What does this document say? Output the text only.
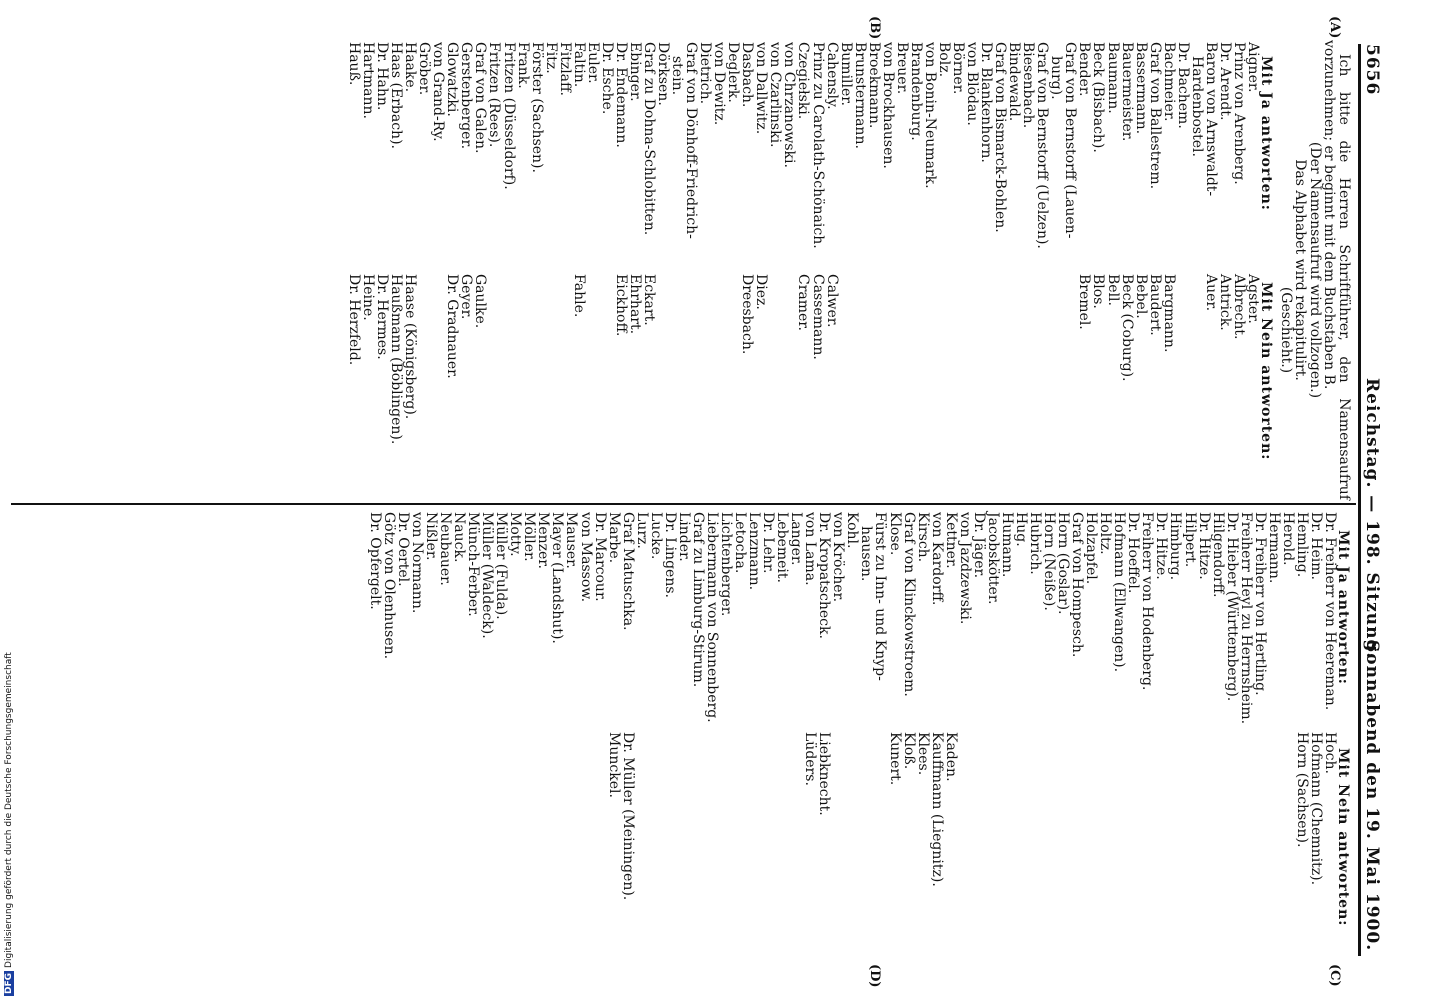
5656
Reichstag. — 198. Sitzung.
Sonnabend den 19. Mai 1900.
(A)
(B)
(C)
(D)

Ich bitte die Herren Schriftführer, den Namensaufruf vorzunehmen; er beginnt mit dem Buchstaben B.

(Der Namensaufruf wird vollzogen.)
Das Alphabet wird rekapitulirt.
(Geschieht.)
Mit Ja antworten:
Mit Nein antworten:
Mit Ja antworten:
Mit Nein antworten:
Aigner.
Prinz von Arenberg.
Dr. Arendt.
Baron von Arnswaldt-
Hardenbostel.
Dr. Bachem.
Bachmeier.
Graf von Ballestrem.
Bassermann.
Bauermeister.
Baumann.
Beck (Bisbach).
Bender.
Graf von Bernstorff (Lauen-
burg).
Graf von Bernstorff (Uelzen).
Biesenbach.
Bindewald.
Graf von Bismarck-Bohlen.
Dr. Blankenhorn.
von Blödau.
Börner.
Bolz.
von Bonin-Neumark.
Brandenburg.
Breuer.
von Brockhausen.
Broekmann.
Brunstermann.
Bumiller.
Cahensly.
Prinz zu Carolath-Schönaich.
Czegiełski.
von Chrzanowski.
von Czarlinski.
von Dallwitz.
Dasbach.
Deglerk.
von Dewitz.
Dietrich.
Graf von Dönhoff-Friedrich-
stein.
Dörksen.
Graf zu Dohna-Schlobitten.
Ebinger.
Dr. Endemann.
Dr. Esche.
Euler.
Faltin.
Fitzlaff.
Fitz.
Förster (Sachsen).
Frank.
Fritzen (Düsseldorf).
Fritzen (Rees).
Graf von Galen.
Gerstenberger.
Glowatzki.
von Grand-Ry.
Gröber.
Haake.
Haas (Erbach).
Dr. Hahn.
Hartmann.
Hauß.
Agster.
Albrecht.
Antrick.
Auer.
Bargmann.
Baudert.
Bebel.
Beck (Coburg).
Bell.
Blos.
Bremel.
Calwer.
Cassemann.
Cramer.
Diez.
Dreesbach.
Eckart.
Ehrhart.
Eickhoff.
Fahle.
Gaulke.
Geyer.
Dr. Gradnauer.
Haase (Königsberg).
Haußmann (Böblingen).
Dr. Hermes.
Heine.
Dr. Herzfeld.
Dr. Freiherr von Heereman.
Dr. Heim.
Hemling.
Herold.
Hermann.
Dr. Freiherr von Hertling.
Freiherr Heyl zu Herrnsheim.
Dr. Hieber (Württemberg).
Hilgendorff.
Dr. Hitze.
Hilpert.
Himburg.
Dr. Hitze.
Freiherr von Hodenberg.
Dr. Hoeffel.
Hofmann (Ellwangen).
Holtz.
Holzapfel.
Graf von Hompesch.
Horn (Goslar).
Horn (Neiße).
Hubrich.
Hug.
Humann.
Jacobskötter.
Dr. Jäger.
von Jazdzewski.
Kettner.
von Kardorff.
Kirsch.
Graf von Klinckowstroem.
Klose.
Fürst zu Inn- und Knyp-
hausen.
Kohl.
von Kröcher.
Dr. Kropatscheck.
von Lama.
Langer.
Lebemeit.
Dr. Lehr.
Lenzmann.
Letocha.
Lichtenberger.
Liebermann von Sonnenberg.
Graf zu Limburg-Stirum.
Linder.
Dr. Lingens.
Lucke.
Lurz.
Graf Matuschka.
Marbe.
Dr. Marcour.
von Massow.
Mauser.
Mayer (Landshut).
Menzer.
Möller.
Motty.
Müller (Fulda).
Müller (Waldeck).
Münch-Ferber.
Nauck.
Neubauer.
Nißler.
von Normann.
Dr. Oertel.
Götz von Olenhusen.
Dr. Opfergelt.
Hoch.
Hofmann (Chemnitz).
Horn (Sachsen).
Kaden.
Kauffmann (Liegnitz).
Klees.
Kloß.
Kunert.
Liebknecht.
Lüders.
Dr. Müller (Meiningen).
Munckel.
DFGDigitalisierung gefördert durch die Deutsche Forschungsgemeinschaft
